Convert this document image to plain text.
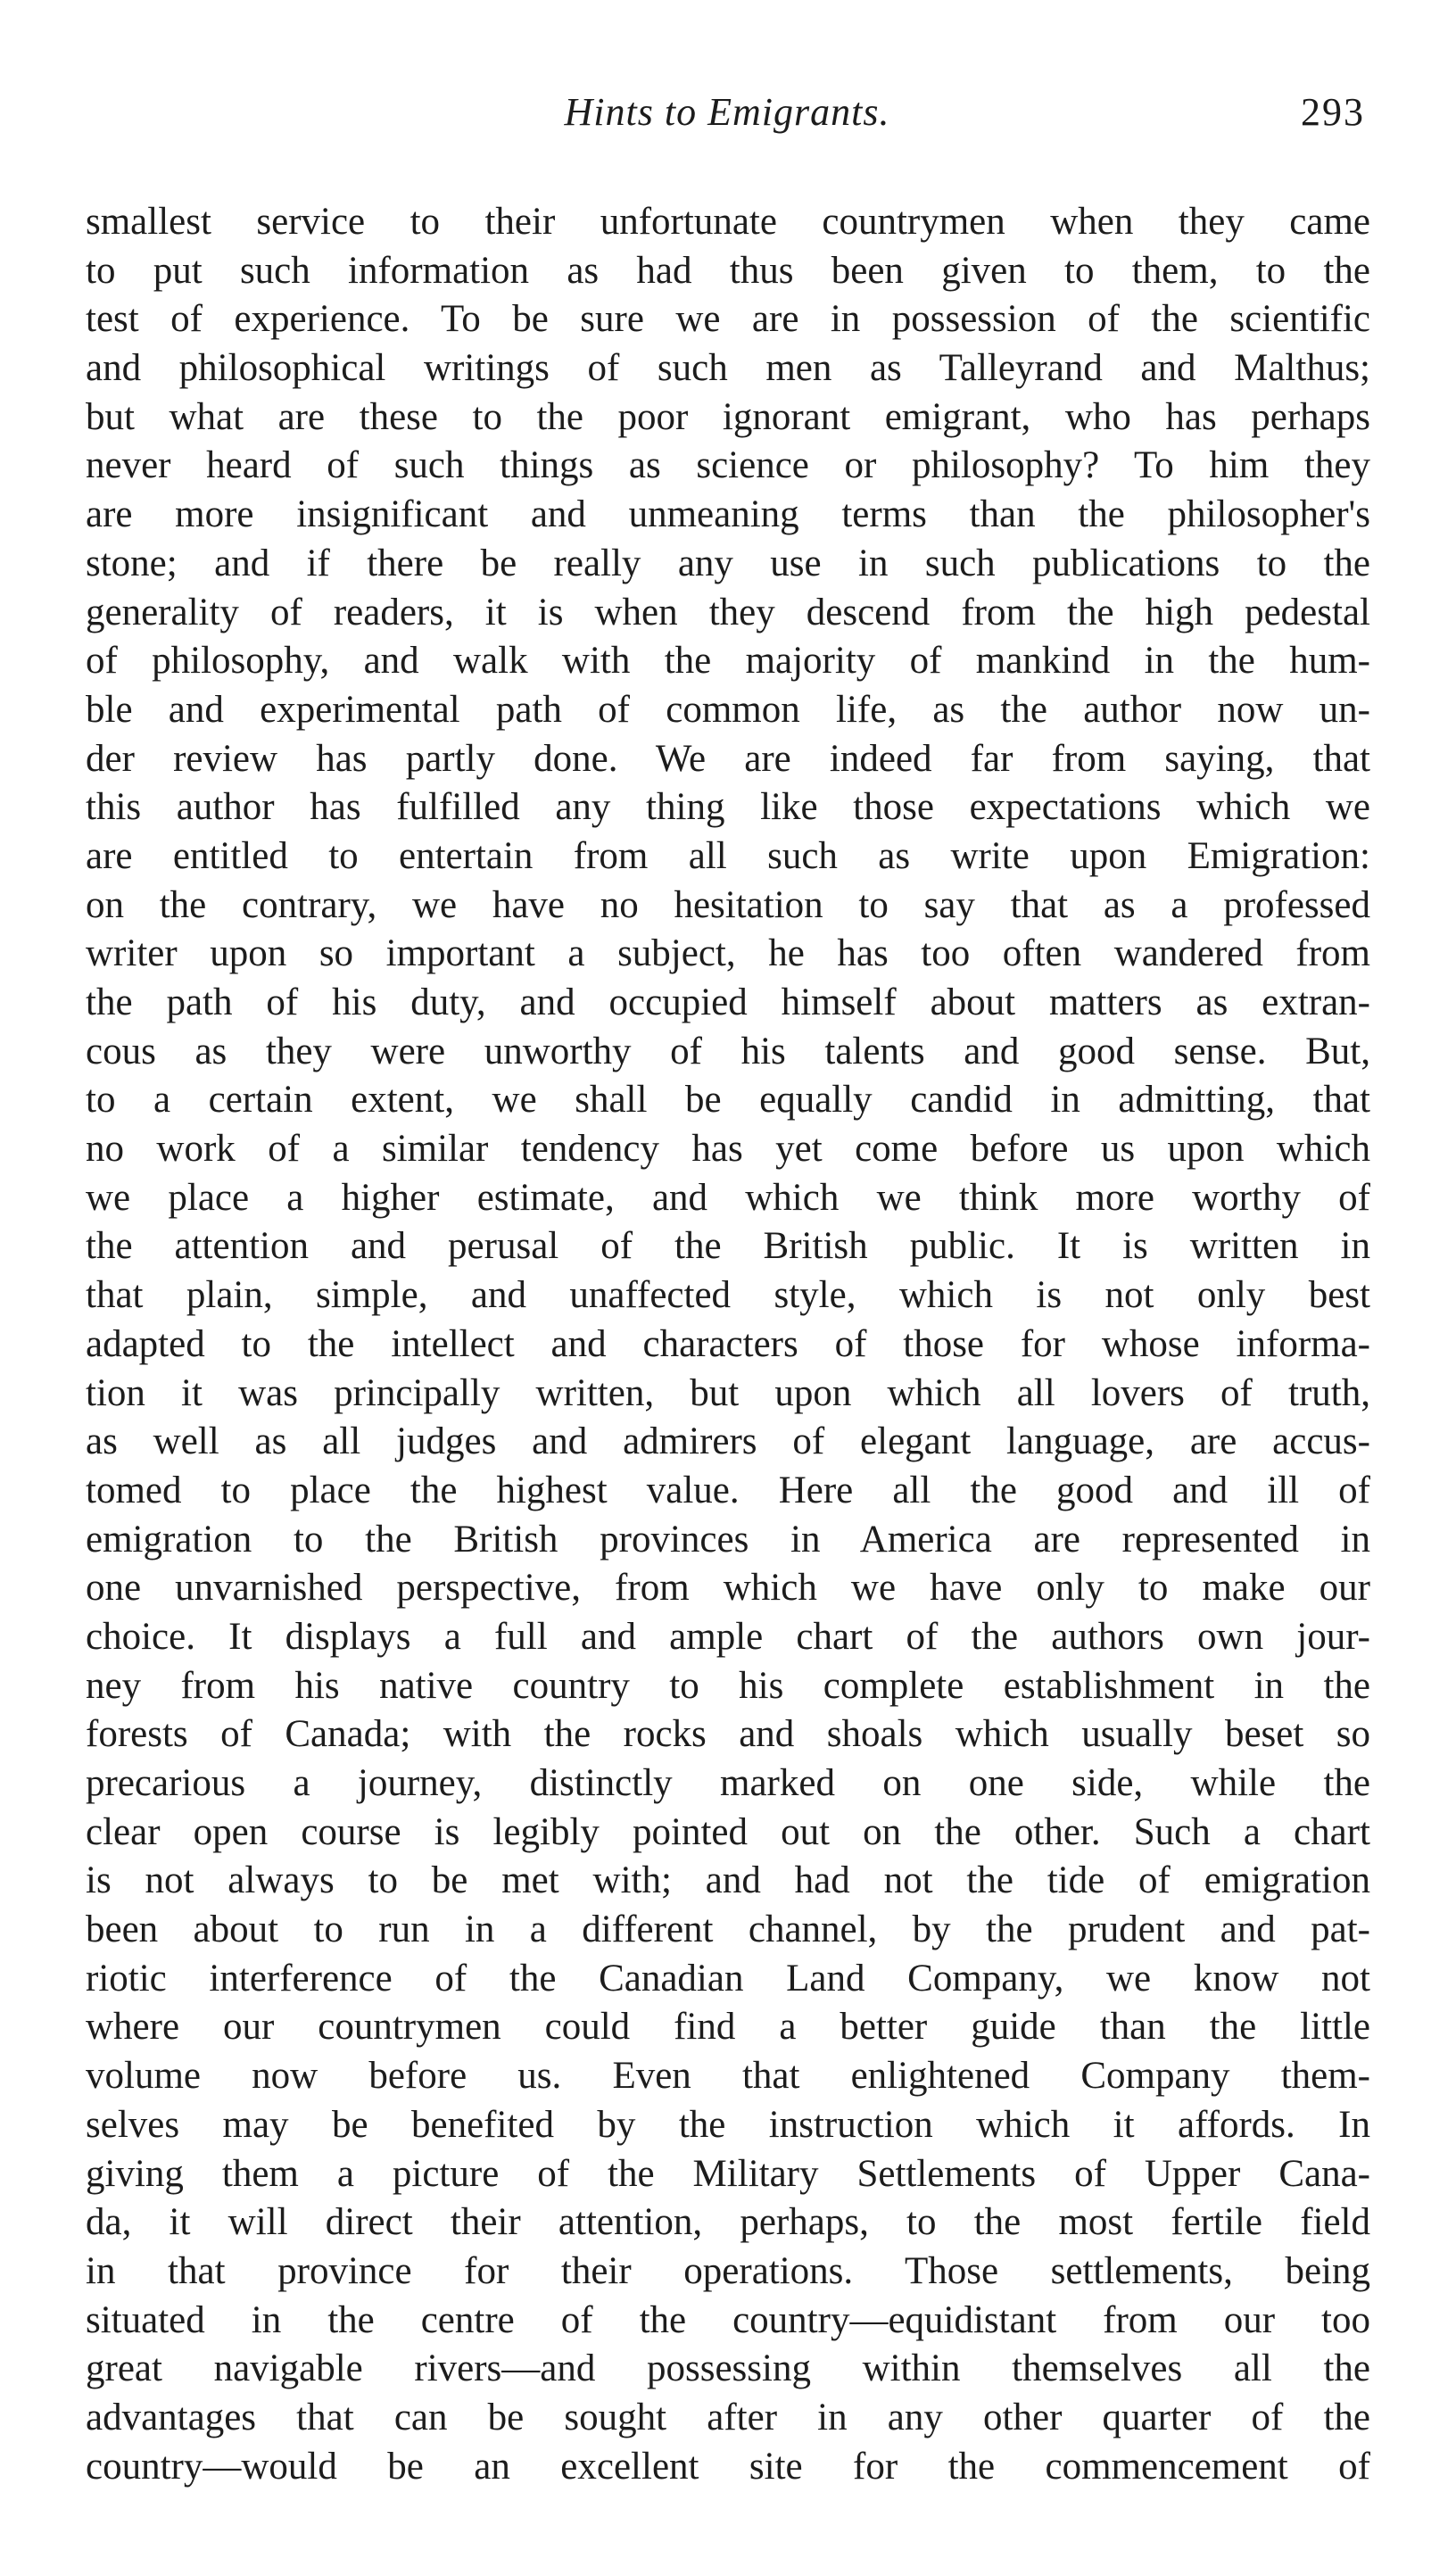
Hints to Emigrants.	293
smallest service to their unfortunate countrymen when they came
to put such information as had thus been given to them, to the
test of experience. To be sure we are in possession of the scientific
and philosophical writings of such men as Talleyrand and Malthus;
but what are these to the poor ignorant emigrant, who has perhaps
never heard of such things as science or philosophy? To him they
are more insignificant and unmeaning terms than the philosopher's
stone; and if there be really any use in such publications to the
generality of readers, it is when they descend from the high pedestal
of philosophy, and walk with the majority of mankind in the hum-
ble and experimental path of common life, as the author now un-
der review has partly done. We are indeed far from saying, that
this author has fulfilled any thing like those expectations which we
are entitled to entertain from all such as write upon Emigration:
on the contrary, we have no hesitation to say that as a professed
writer upon so important a subject, he has too often wandered from
the path of his duty, and occupied himself about matters as extran-
cous as they were unworthy of his talents and good sense. But,
to a certain extent, we shall be equally candid in admitting, that
no work of a similar tendency has yet come before us upon which
we place a higher estimate, and which we think more worthy of
the attention and perusal of the British public. It is written in
that plain, simple, and unaffected style, which is not only best
adapted to the intellect and characters of those for whose informa-
tion it was principally written, but upon which all lovers of truth,
as well as all judges and admirers of elegant language, are accus-
tomed to place the highest value. Here all the good and ill of
emigration to the British provinces in America are represented in
one unvarnished perspective, from which we have only to make our
choice. It displays a full and ample chart of the authors own jour-
ney from his native country to his complete establishment in the
forests of Canada; with the rocks and shoals which usually beset so
precarious a journey, distinctly marked on one side, while the
clear open course is legibly pointed out on the other. Such a chart
is not always to be met with; and had not the tide of emigration
been about to run in a different channel, by the prudent and pat-
riotic interference of the Canadian Land Company, we know not
where our countrymen could find a better guide than the little
volume now before us. Even that enlightened Company them-
selves may be benefited by the instruction which it affords. In
giving them a picture of the Military Settlements of Upper Cana-
da, it will direct their attention, perhaps, to the most fertile field
in that province for their operations. Those settlements, being
situated in the centre of the country—equidistant from our too
great navigable rivers—and possessing within themselves all the
advantages that can be sought after in any other quarter of the
country—would be an excellent site for the commencement of
